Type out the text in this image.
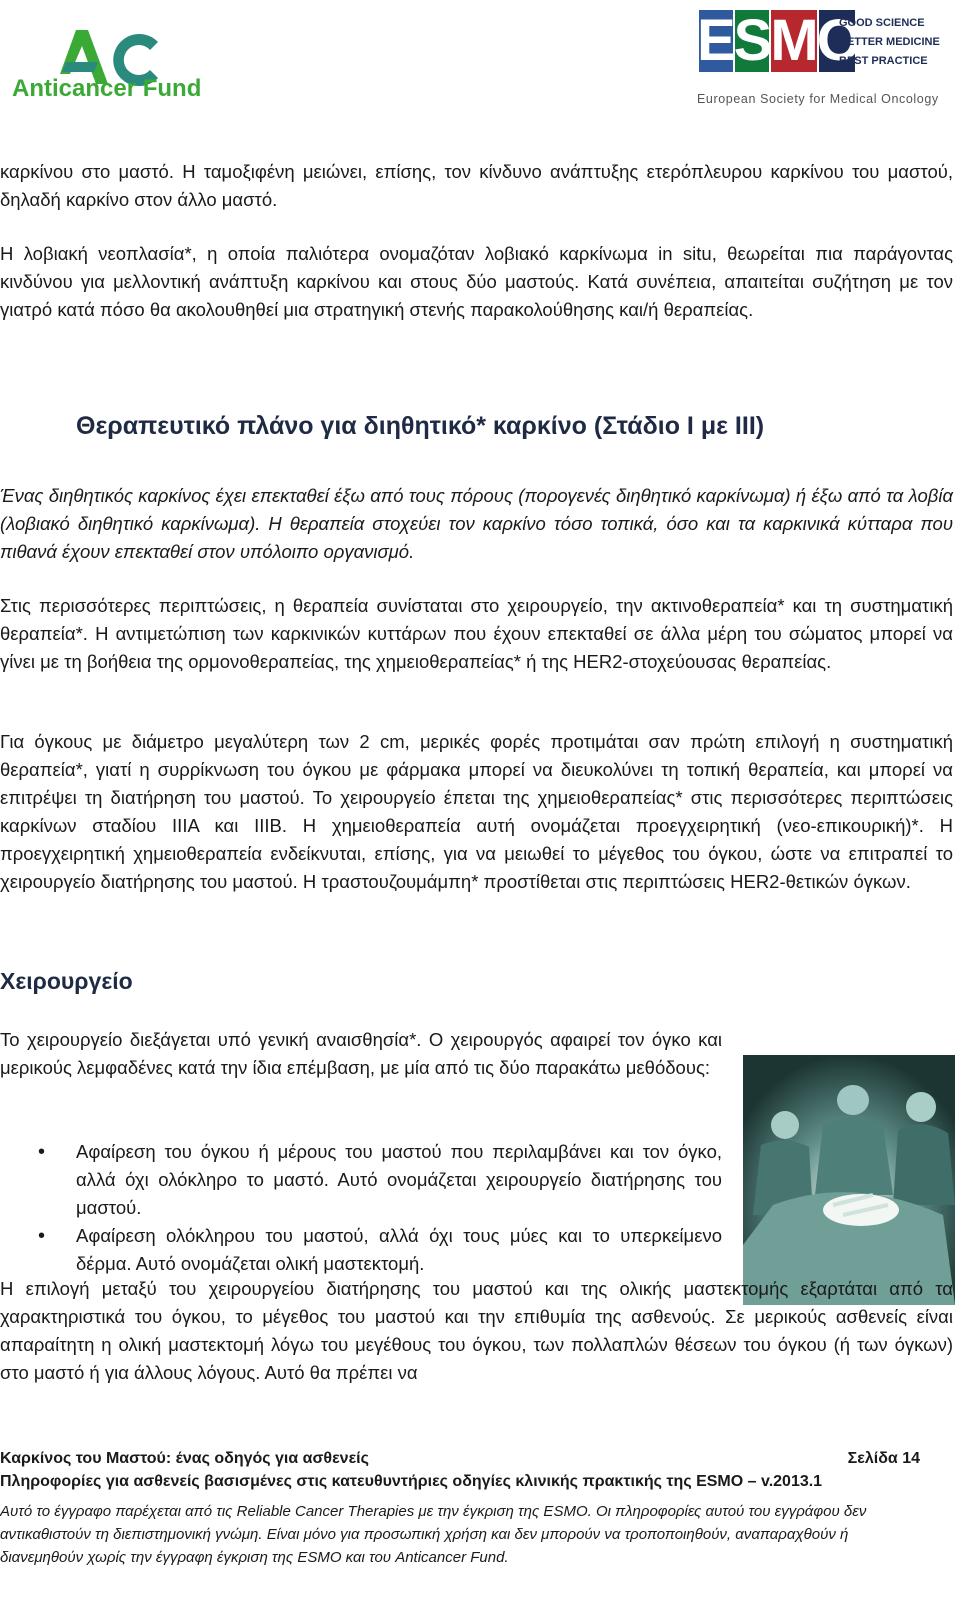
Anticancer Fund
ESMO
GOOD SCIENCE
BETTER MEDICINE
BEST PRACTICE
European Society for Medical Oncology
καρκίνου στο μαστό. Η ταμοξιφένη μειώνει, επίσης, τον κίνδυνο ανάπτυξης ετερόπλευρου καρκίνου του μαστού, δηλαδή καρκίνο στον άλλο μαστό.
Η λοβιακή νεοπλασία*, η οποία παλιότερα ονομαζόταν λοβιακό καρκίνωμα in situ, θεωρείται πια παράγοντας κινδύνου για μελλοντική ανάπτυξη καρκίνου και στους δύο μαστούς. Κατά συνέπεια, απαιτείται συζήτηση με τον γιατρό κατά πόσο θα ακολουθηθεί μια στρατηγική στενής παρακολούθησης και/ή θεραπείας.
Θεραπευτικό πλάνο για διηθητικό* καρκίνο (Στάδιο Ι με ΙΙΙ)
Ένας διηθητικός καρκίνος έχει επεκταθεί έξω από τους πόρους (πορογενές διηθητικό καρκίνωμα) ή έξω από τα λοβία (λοβιακό διηθητικό καρκίνωμα). Η θεραπεία στοχεύει τον καρκίνο τόσο τοπικά, όσο και τα καρκινικά κύτταρα που πιθανά έχουν επεκταθεί στον υπόλοιπο οργανισμό.
Στις περισσότερες περιπτώσεις, η θεραπεία συνίσταται στο χειρουργείο, την ακτινοθεραπεία* και τη συστηματική θεραπεία*. Η αντιμετώπιση των καρκινικών κυττάρων που έχουν επεκταθεί σε άλλα μέρη του σώματος μπορεί να γίνει με τη βοήθεια της ορμονοθεραπείας, της χημειοθεραπείας* ή της HER2-στοχεύουσας θεραπείας.
Για όγκους με διάμετρο μεγαλύτερη των 2 cm, μερικές φορές προτιμάται σαν πρώτη επιλογή η συστηματική θεραπεία*, γιατί η συρρίκνωση του όγκου με φάρμακα μπορεί να διευκολύνει τη τοπική θεραπεία, και μπορεί να επιτρέψει τη διατήρηση του μαστού. Το χειρουργείο έπεται της χημειοθεραπείας* στις περισσότερες περιπτώσεις καρκίνων σταδίου ΙΙΙΑ και ΙΙΙΒ. Η χημειοθεραπεία αυτή ονομάζεται προεγχειρητική (νεο-επικουρική)*. Η προεγχειρητική χημειοθεραπεία ενδείκνυται, επίσης, για να μειωθεί το μέγεθος του όγκου, ώστε να επιτραπεί το χειρουργείο διατήρησης του μαστού. Η τραστουζουμάμπη* προστίθεται στις περιπτώσεις HER2-θετικών όγκων.
Χειρουργείο
Το χειρουργείο διεξάγεται υπό γενική αναισθησία*. Ο χειρουργός αφαιρεί τον όγκο και μερικούς λεμφαδένες κατά την ίδια επέμβαση, με μία από τις δύο παρακάτω μεθόδους:
• Αφαίρεση του όγκου ή μέρους του μαστού που περιλαμβάνει και τον όγκο, αλλά όχι ολόκληρο το μαστό. Αυτό ονομάζεται χειρουργείο διατήρησης του μαστού.
• Αφαίρεση ολόκληρου του μαστού, αλλά όχι τους μύες και το υπερκείμενο δέρμα. Αυτό ονομάζεται ολική μαστεκτομή.
Η επιλογή μεταξύ του χειρουργείου διατήρησης του μαστού και της ολικής μαστεκτομής εξαρτάται από τα χαρακτηριστικά του όγκου, το μέγεθος του μαστού και την επιθυμία της ασθενούς. Σε μερικούς ασθενείς είναι απαραίτητη η ολική μαστεκτομή λόγω του μεγέθους του όγκου, των πολλαπλών θέσεων του όγκου (ή των όγκων) στο μαστό ή για άλλους λόγους. Αυτό θα πρέπει να
Καρκίνος του Μαστού: ένας οδηγός για ασθενείς	Σελίδα 14
Πληροφορίες για ασθενείς βασισμένες στις κατευθυντήριες οδηγίες κλινικής πρακτικής της ESMO – v.2013.1
Αυτό το έγγραφο παρέχεται από τις Reliable Cancer Therapies με την έγκριση της ESMO. Οι πληροφορίες αυτού του εγγράφου δεν αντικαθιστούν τη διεπιστημονική γνώμη. Είναι μόνο για προσωπική χρήση και δεν μπορούν να τροποποιηθούν, αναπαραχθούν ή διανεμηθούν χωρίς την έγγραφη έγκριση της ESMO και του Anticancer Fund.
